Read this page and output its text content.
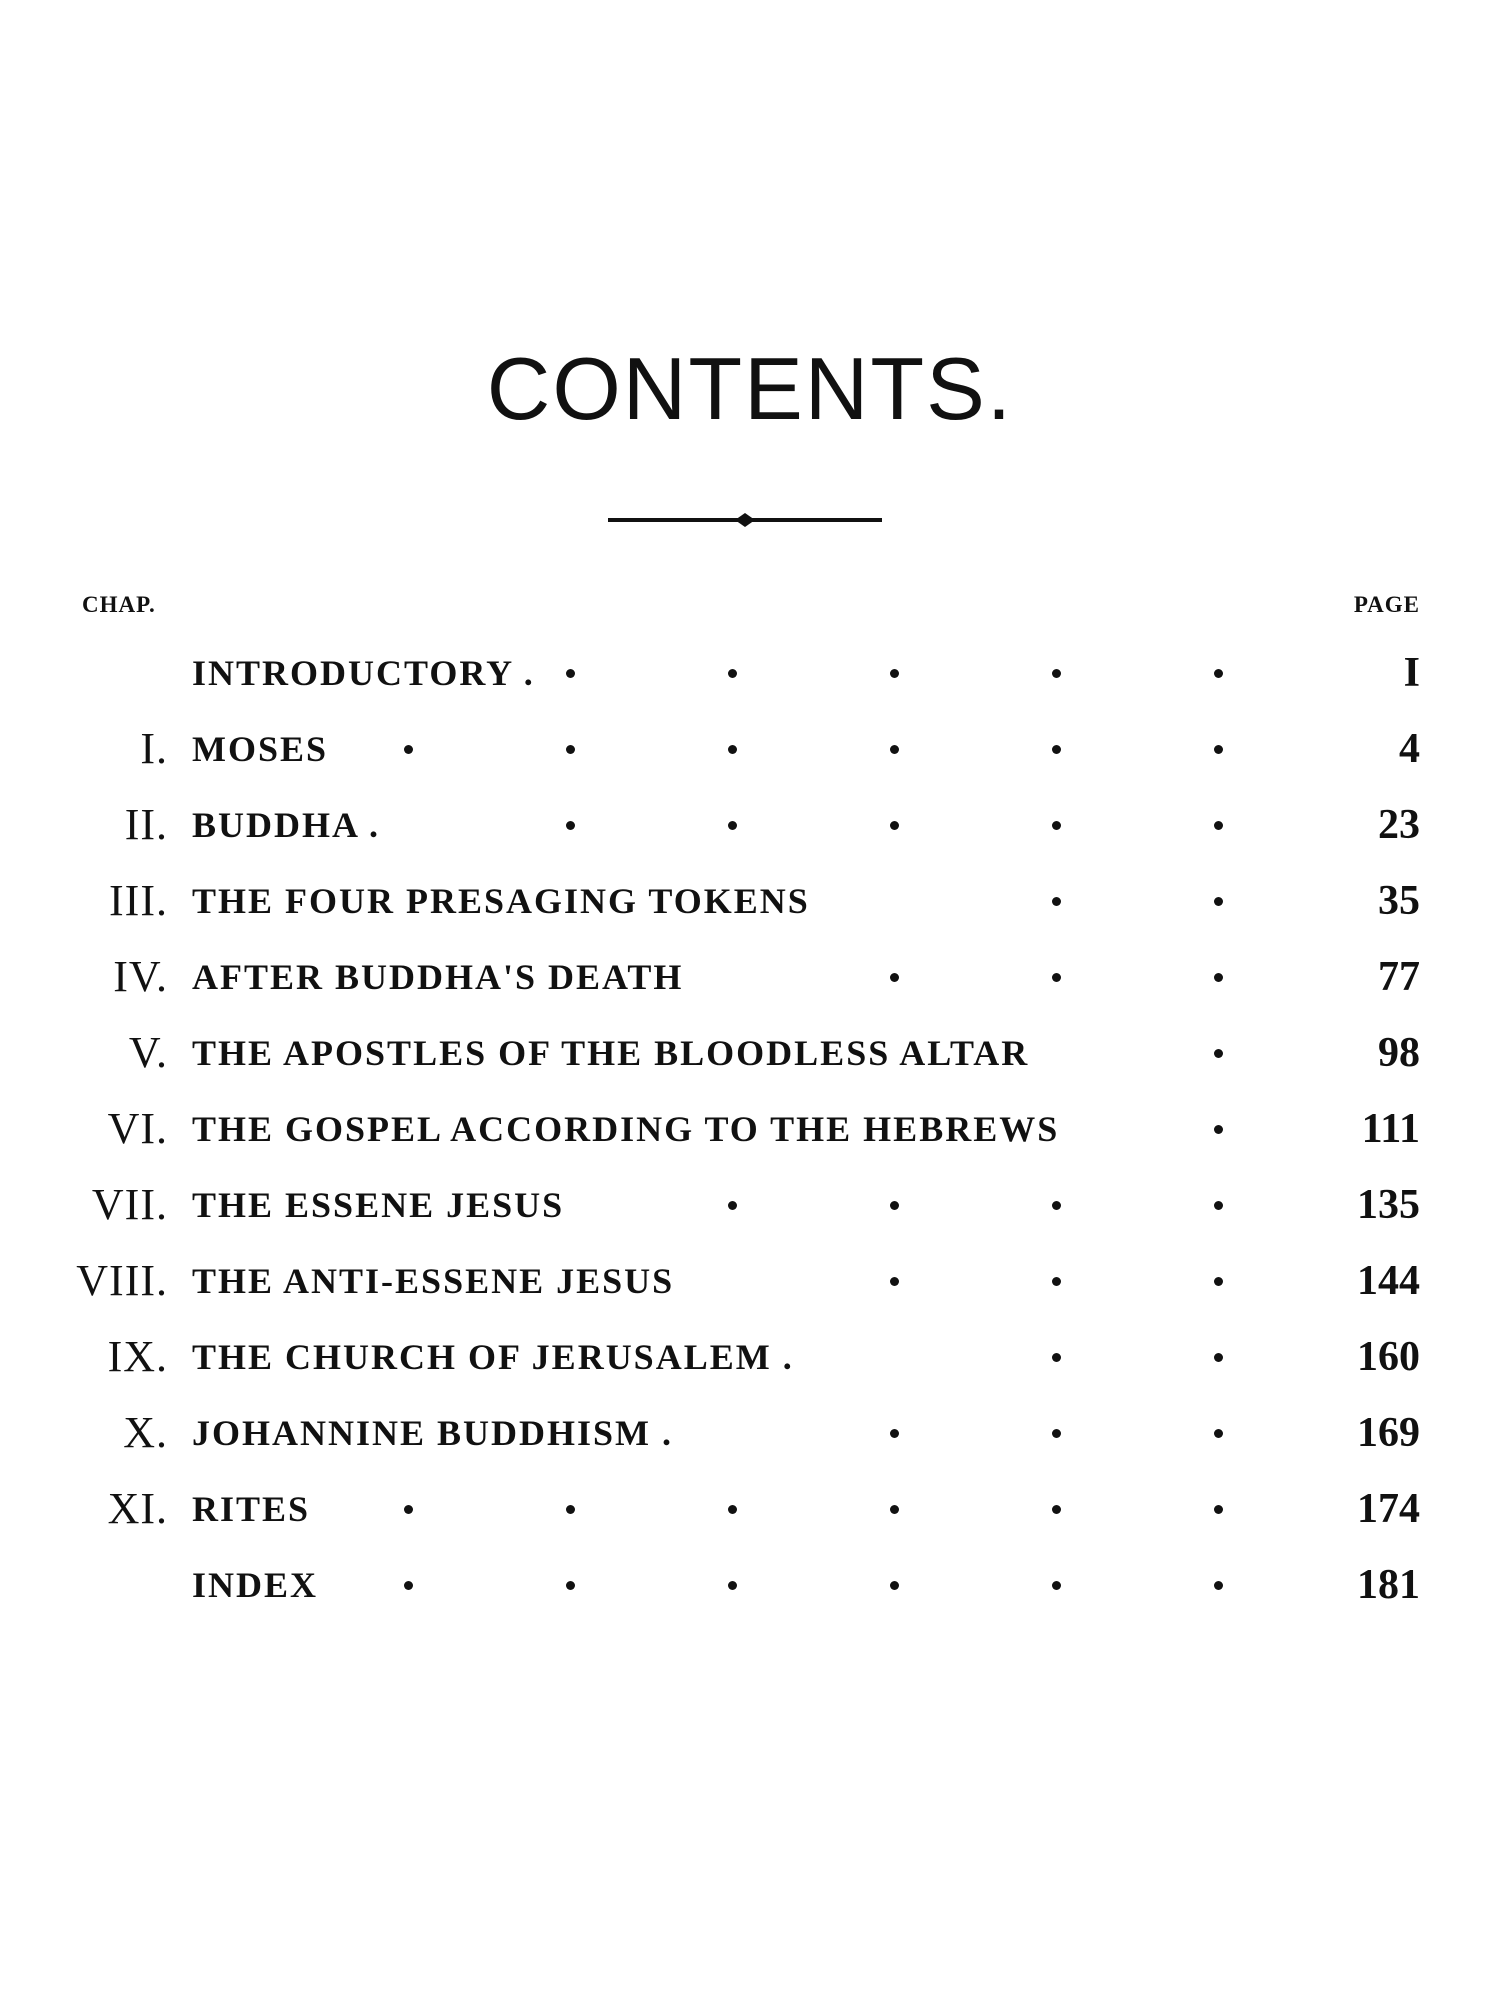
CONTENTS.
CHAP.	PAGE
INTRODUCTORY .	I
I. MOSES	4
II. BUDDHA .	23
III. THE FOUR PRESAGING TOKENS	35
IV. AFTER BUDDHA'S DEATH	77
V. THE APOSTLES OF THE BLOODLESS ALTAR	98
VI. THE GOSPEL ACCORDING TO THE HEBREWS	111
VII. THE ESSENE JESUS	135
VIII. THE ANTI-ESSENE JESUS	144
IX. THE CHURCH OF JERUSALEM .	160
X. JOHANNINE BUDDHISM .	169
XI. RITES	174
INDEX	181
